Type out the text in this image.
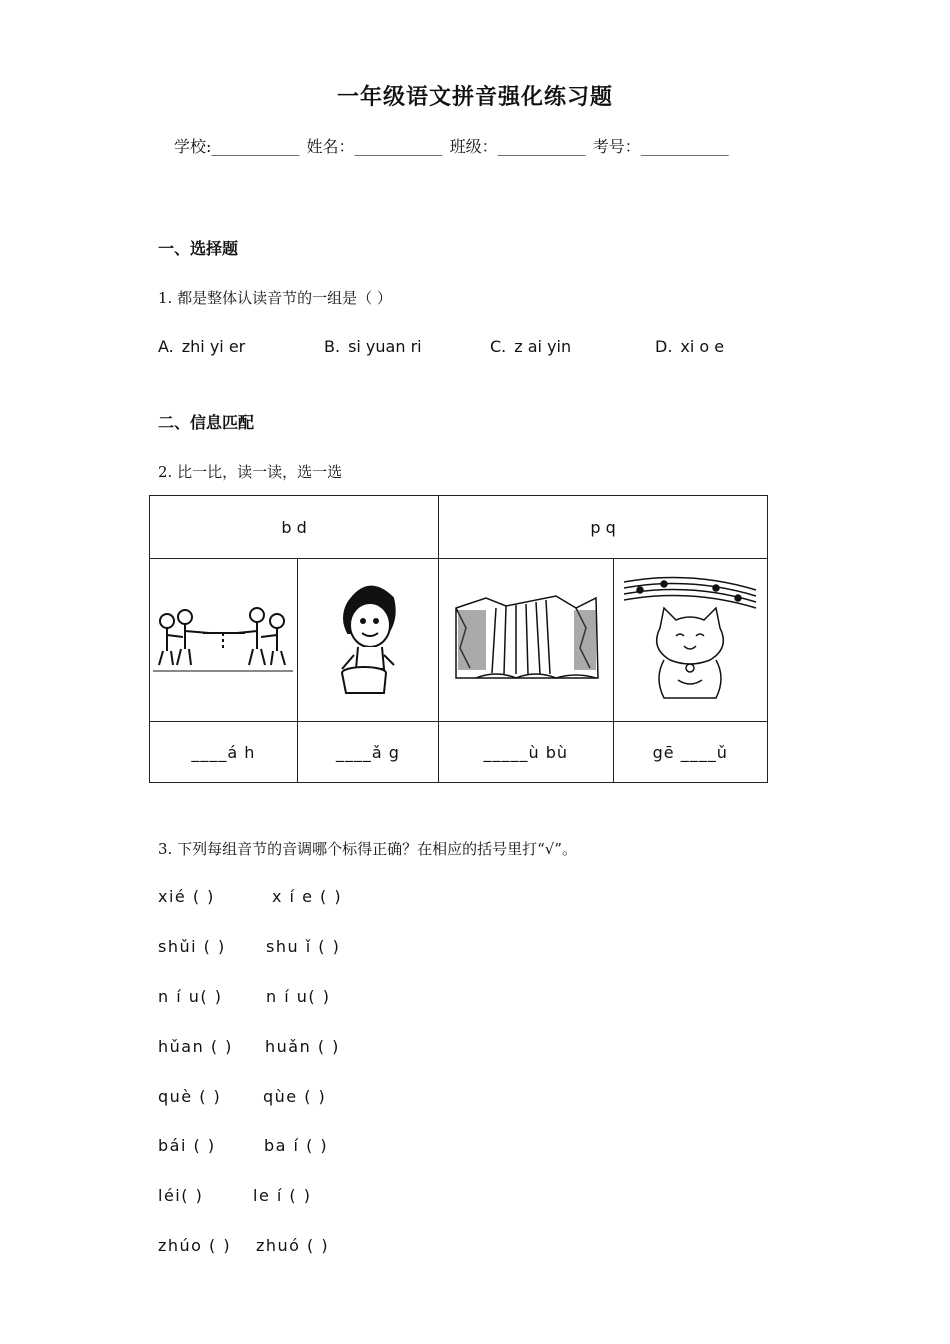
一年级语文拼音强化练习题
学校:___________ 姓名：___________ 班级：___________ 考号：___________
一、选择题
1. 都是整体认读音节的一组是（ ）
A. zhi yi er	B. si yuan ri	C. z ai yin	D. xi o e
二、信息匹配
2. 比一比，读一读，选一选
b d		p q	

____á h	____ǎ g	_____ù bù	gē ____ǔ
3. 下列每组音节的音调哪个标得正确？在相应的括号里打“√”。
xié ( )	x í e ( )
shǔi ( )	shu ǐ ( )
n í u( )	n í u( )
hǔan ( ) huǎn ( )
què ( )	qùe ( )
bái ( )	ba í ( )
léi( )	le í ( )
zhúo ( ) zhuó ( )
